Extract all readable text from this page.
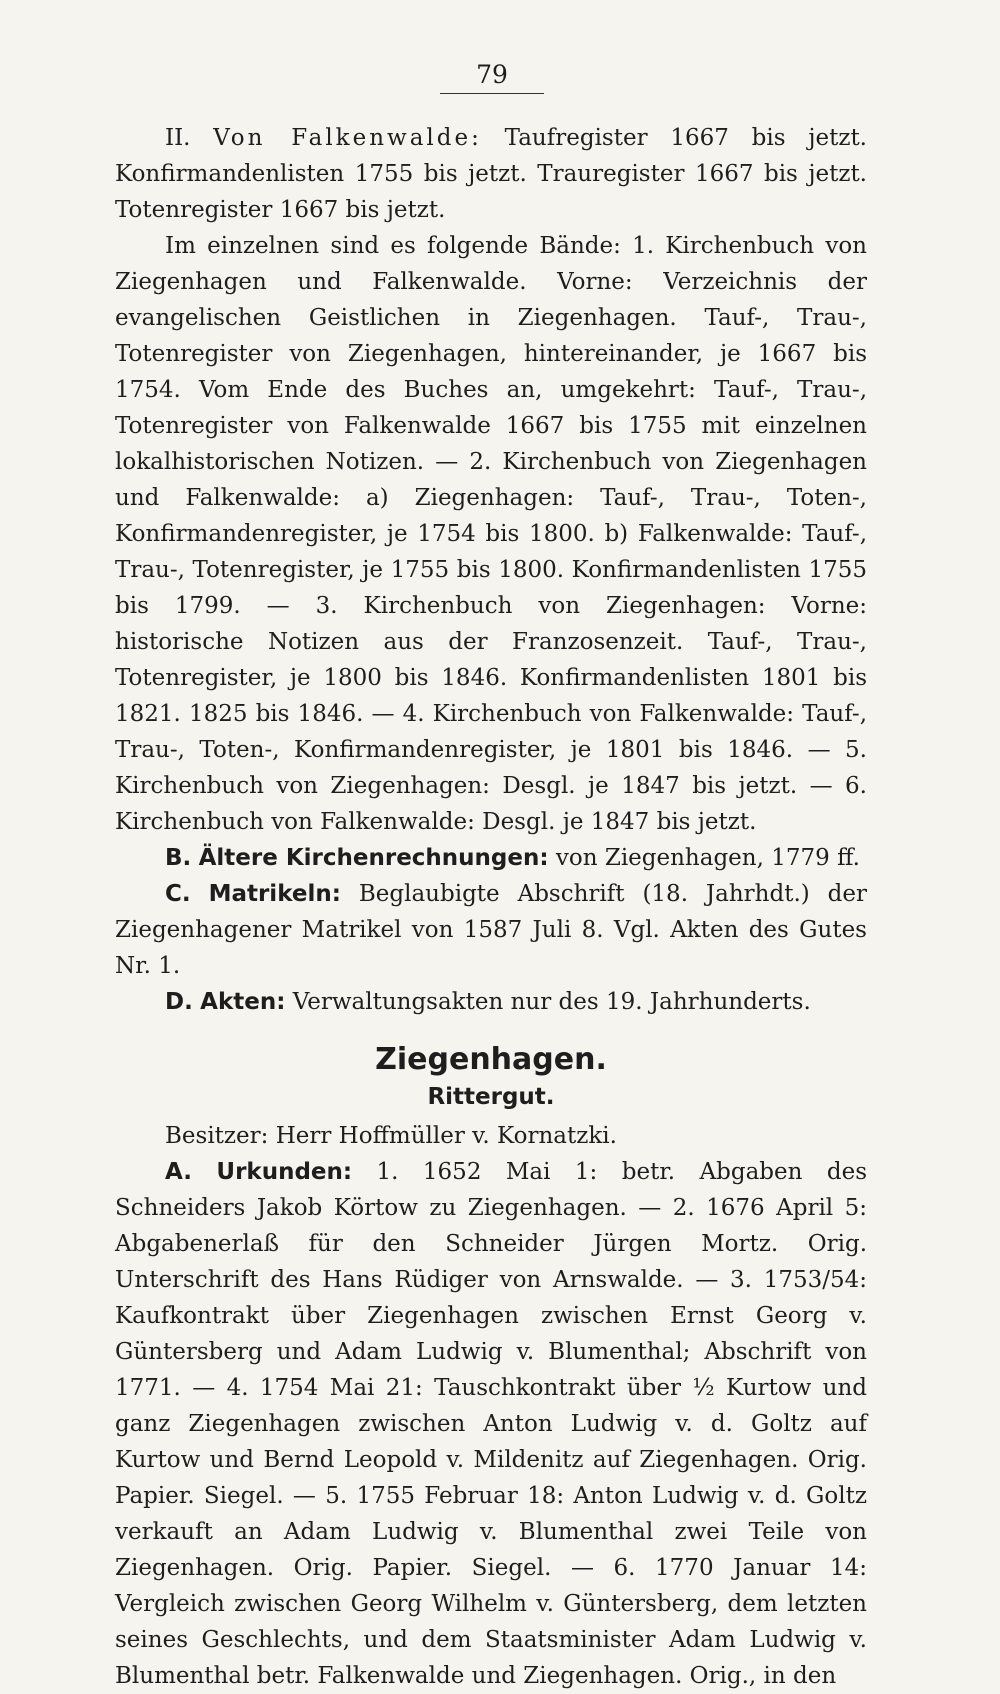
79

II. Von Falkenwalde: Taufregister 1667 bis jetzt. Konfirmandenlisten 1755 bis jetzt. Trauregister 1667 bis jetzt. Totenregister 1667 bis jetzt.

Im einzelnen sind es folgende Bände: 1. Kirchenbuch von Ziegenhagen und Falkenwalde. Vorne: Verzeichnis der evangelischen Geistlichen in Ziegenhagen. Tauf-, Trau-, Totenregister von Ziegenhagen, hintereinander, je 1667 bis 1754. Vom Ende des Buches an, umgekehrt: Tauf-, Trau-, Totenregister von Falkenwalde 1667 bis 1755 mit einzelnen lokalhistorischen Notizen. — 2. Kirchenbuch von Ziegenhagen und Falkenwalde: a) Ziegenhagen: Tauf-, Trau-, Toten-, Konfirmandenregister, je 1754 bis 1800. b) Falkenwalde: Tauf-, Trau-, Totenregister, je 1755 bis 1800. Konfirmandenlisten 1755 bis 1799. — 3. Kirchenbuch von Ziegenhagen: Vorne: historische Notizen aus der Franzosenzeit. Tauf-, Trau-, Totenregister, je 1800 bis 1846. Konfirmandenlisten 1801 bis 1821. 1825 bis 1846. — 4. Kirchenbuch von Falkenwalde: Tauf-, Trau-, Toten-, Konfirmandenregister, je 1801 bis 1846. — 5. Kirchenbuch von Ziegenhagen: Desgl. je 1847 bis jetzt. — 6. Kirchenbuch von Falkenwalde: Desgl. je 1847 bis jetzt.

B. Ältere Kirchenrechnungen: von Ziegenhagen, 1779 ff.

C. Matrikeln: Beglaubigte Abschrift (18. Jahrhdt.) der Ziegenhagener Matrikel von 1587 Juli 8. Vgl. Akten des Gutes Nr. 1.

D. Akten: Verwaltungsakten nur des 19. Jahrhunderts.

Ziegenhagen.
Rittergut.

Besitzer: Herr Hoffmüller v. Kornatzki.

A. Urkunden: 1. 1652 Mai 1: betr. Abgaben des Schneiders Jakob Körtow zu Ziegenhagen. — 2. 1676 April 5: Abgabenerlaß für den Schneider Jürgen Mortz. Orig. Unterschrift des Hans Rüdiger von Arnswalde. — 3. 1753/54: Kaufkontrakt über Ziegenhagen zwischen Ernst Georg v. Güntersberg und Adam Ludwig v. Blumenthal; Abschrift von 1771. — 4. 1754 Mai 21: Tauschkontrakt über ½ Kurtow und ganz Ziegenhagen zwischen Anton Ludwig v. d. Goltz auf Kurtow und Bernd Leopold v. Mildenitz auf Ziegenhagen. Orig. Papier. Siegel. — 5. 1755 Februar 18: Anton Ludwig v. d. Goltz verkauft an Adam Ludwig v. Blumenthal zwei Teile von Ziegenhagen. Orig. Papier. Siegel. — 6. 1770 Januar 14: Vergleich zwischen Georg Wilhelm v. Güntersberg, dem letzten seines Geschlechts, und dem Staatsminister Adam Ludwig v. Blumenthal betr. Falkenwalde und Ziegenhagen. Orig., in den
